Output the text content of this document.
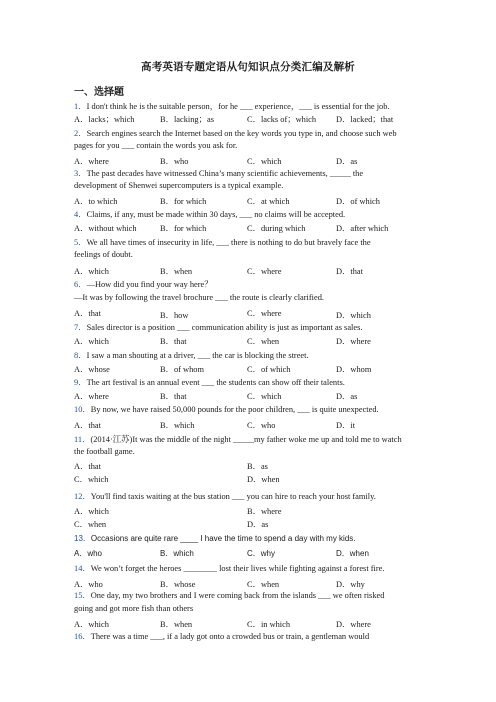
高考英语专题定语从句知识点分类汇编及解析
一、选择题
1．I don't think he is the suitable person，for he ___ experience，___ is essential for the job.
A．lacks；which	B．lacking；as	C．lacks of；which D．lacked；that
2．Search engines search the Internet based on the key words you type in, and choose such web
pages for you ___ contain the words you ask for.
A．where	B．who	C．which	D．as
3．The past decades have witnessed China’s many scientific achievements, _____ the
development of Shenwei supercomputers is a typical example.
A．to which	B．for which	C．at which	D．of which
4．Claims, if any, must be made within 30 days, ___ no claims will be accepted.
A．without which	B．for which	C．during which	D．after which
5．We all have times of insecurity in life, ___ there is nothing to do but bravely face the
feelings of doubt.
A．which	B．when	C．where	D．that
6．—How did you find your way here？
—It was by following the travel brochure ___ the route is clearly clarified.
A．that	B．how	C．where	D．which
7．Sales director is a position ___ communication ability is just as important as sales.
A．which	B．that	C．when	D．where
8．I saw a man shouting at a driver, ___ the car is blocking the street.
A．whose	B．of whom	C．of which	D．whom
9．The art festival is an annual event ___ the students can show off their talents.
A．where	B．that	C．which	D．as
10．By now, we have raised 50,000 pounds for the poor children, ___ is quite unexpected.
A．that	B．which	C．who	D．it
11．(2014·江苏)It was the middle of the night _____my father woke me up and told me to watch
the football game.
A．that	B．as
C．which	D．when
12．You'll find taxis waiting at the bus station ___ you can hire to reach your host family.
A．which	B．where
C．when	D．as
13．Occasions are quite rare ____ I have the time to spend a day with my kids.
A．who	B．which	C．why	D．when
14．We won’t forget the heroes ________ lost their lives while fighting against a forest fire.
A．who	B．whose	C．when	D．why
15．One day, my two brothers and I were coming back from the islands ___ we often risked
going and got more fish than others
A．which	B．when	C．in which	D．where
16．There was a time ___, if a lady got onto a crowded bus or train, a gentleman would
